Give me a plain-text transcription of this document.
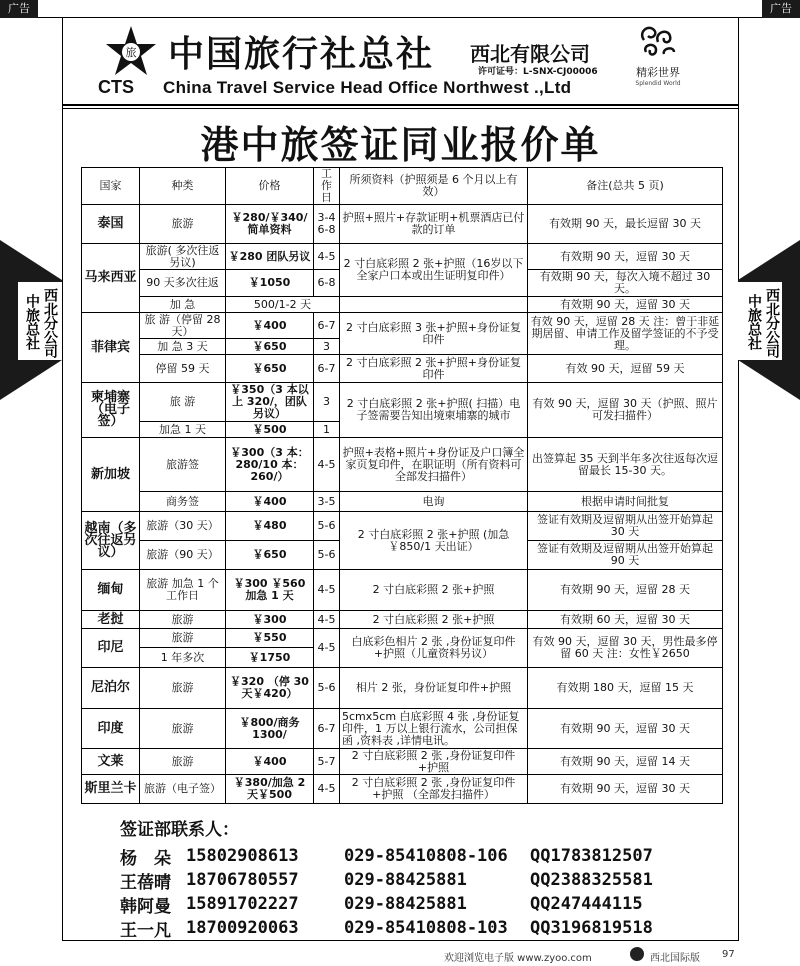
广告	广告
西北分公司
中旅总社	西北分公司
中旅总社
旅
CTS
中国旅行社总社 西北有限公司
许可证号：L-SNX-CJ00006
China Travel Service Head Office Northwest .,Ltd
精彩世界
Splendid World
港中旅签证同业报价单
国家	种类	价格	工作日	所须资料（护照须是 6 个月以上有效）	备注(总共 5 页)
泰国	旅游	￥280/￥340/简单资料	3-4 6-8	护照+照片+存款证明+机票酒店已付款的订单	有效期 90 天，最长逗留 30 天
马来西亚	旅游( 多次往返另议)	￥280 团队另议	4-5	2 寸白底彩照 2 张+护照（16岁以下全家户口本或出生证明复印件）	有效期 90 天，逗留 30 天
	90 天多次往返	￥1050	6-8		有效期 90 天，每次入境不超过 30 天。
	加 急	500/1-2 天			有效期 90 天，逗留 30 天
菲律宾	旅 游（停留 28 天）	￥400	6-7	2 寸白底彩照 3 张+护照+身份证复印件	有效 90 天，逗留 28 天 注：曾于非延期居留、申请工作及留学签证的不予受理。
	加 急 3 天	￥650	3		
	停留 59 天	￥650	6-7	2 寸白底彩照 2 张+护照+身份证复印件	有效 90 天，逗留 59 天
柬埔寨（电子签）	旅 游	￥350（3 本以上 320/，团队另议）	3	2 寸白底彩照 2 张+护照( 扫描）电子签需要告知出境柬埔寨的城市	有效 90 天，逗留 30 天（护照、照片可发扫描件）
	加急 1 天	￥500	1		
新加坡	旅游签	￥300（3 本：280/10 本：260/）	4-5	护照+表格+照片+身份证及户口簿全家页复印件，在职证明（所有资料可全部发扫描件）	出签算起 35 天到半年多次往返每次逗留最长 15-30 天。
	商务签	￥400	3-5	电询	根据申请时间批复
越南（多次往返另议）	旅游（30 天）	￥480	5-6	2 寸白底彩照 2 张+护照 (加急￥850/1 天出证）	签证有效期及逗留期从出签开始算起 30 天
	旅游（90 天）	￥650	5-6		签证有效期及逗留期从出签开始算起 90 天
缅甸	旅游 加急 1 个工作日	￥300 ￥560 加急 1 天	4-5	2 寸白底彩照 2 张+护照	有效期 90 天，逗留 28 天
老挝	旅游	￥300	4-5	2 寸白底彩照 2 张+护照	有效期 60 天，逗留 30 天
印尼	旅游	￥550	4-5	白底彩色相片 2 张 ,身份证复印件+护照（儿童资料另议）	有效 90 天，逗留 30 天，男性最多停留 60 天 注：女性￥2650
	1 年多次	￥1750			
尼泊尔	旅游	￥320 （停 30 天￥420）	5-6	相片 2 张，身份证复印件+护照	有效期 180 天，逗留 15 天
印度	旅游	￥800/商务 1300/	6-7	5cmx5cm 白底彩照 4 张 ,身份证复印件，1 万以上银行流水，公司担保函 ,资料表 ,详情电讯。	有效期 90 天，逗留 30 天
文莱	旅游	￥400	5-7	2 寸白底彩照 2 张 ,身份证复印件+护照	有效期 90 天，逗留 14 天
斯里兰卡	旅游（电子签）	￥380/加急 2 天￥500	4-5	2 寸白底彩照 2 张 ,身份证复印件+护照 （全部发扫描件）	有效期 90 天，逗留 30 天
签证部联系人：
杨　朵 15802908613	029-85410808-106	QQ1783812507
王蓓晴 18706780557	029-88425881	QQ2388325581
韩阿曼 15891702227	029-88425881	QQ247444115
王一凡 18700920063	029-85410808-103	QQ3196819518
欢迎浏览电子版 www.zyoo.com	西北国际版 97
